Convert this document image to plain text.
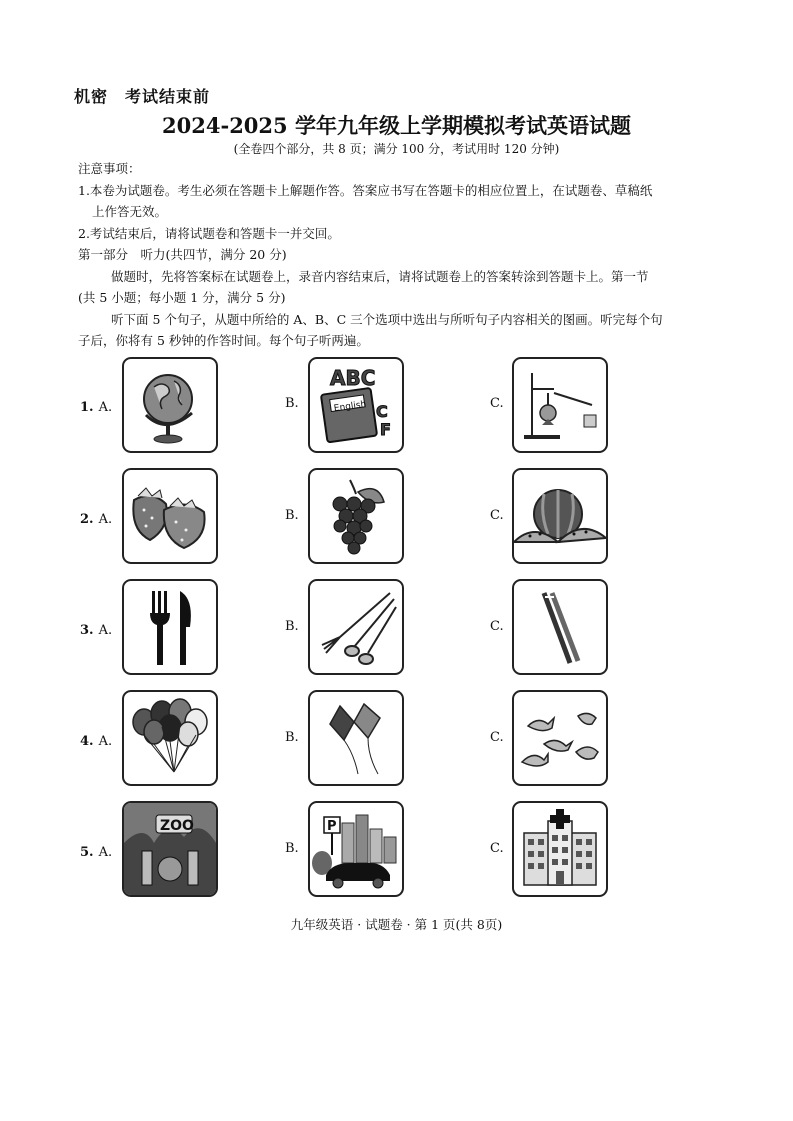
机密　考试结束前
2024-2025 学年九年级上学期模拟考试英语试题
(全卷四个部分，共 8 页；满分 100 分，考试用时 120 分钟)
注意事项：
1.本卷为试题卷。考生必须在答题卡上解题作答。答案应书写在答题卡的相应位置上，在试题卷、草稿纸
上作答无效。
2.考试结束后，请将试题卷和答题卡一并交回。
第一部分　听力(共四节，满分 20 分)
做题时，先将答案标在试题卷上，录音内容结束后，请将试题卷上的答案转涂到答题卡上。第一节
(共 5 小题；每小题 1 分，满分 5 分)
听下面 5 个句子，从题中所给的 A、B、C 三个选项中选出与所听句子内容相关的图画。听完每个句
子后，你将有 5 秒钟的作答时间。每个句子听两遍。
1. A.	B.	C.
ABC
English C
F
2. A.	B.	C.
3. A.	B.	C.
4. A.	B.	C.
5. A.	B.	C.
ZOO	P
九年级英语 · 试题卷 · 第 1 页(共 8页)
